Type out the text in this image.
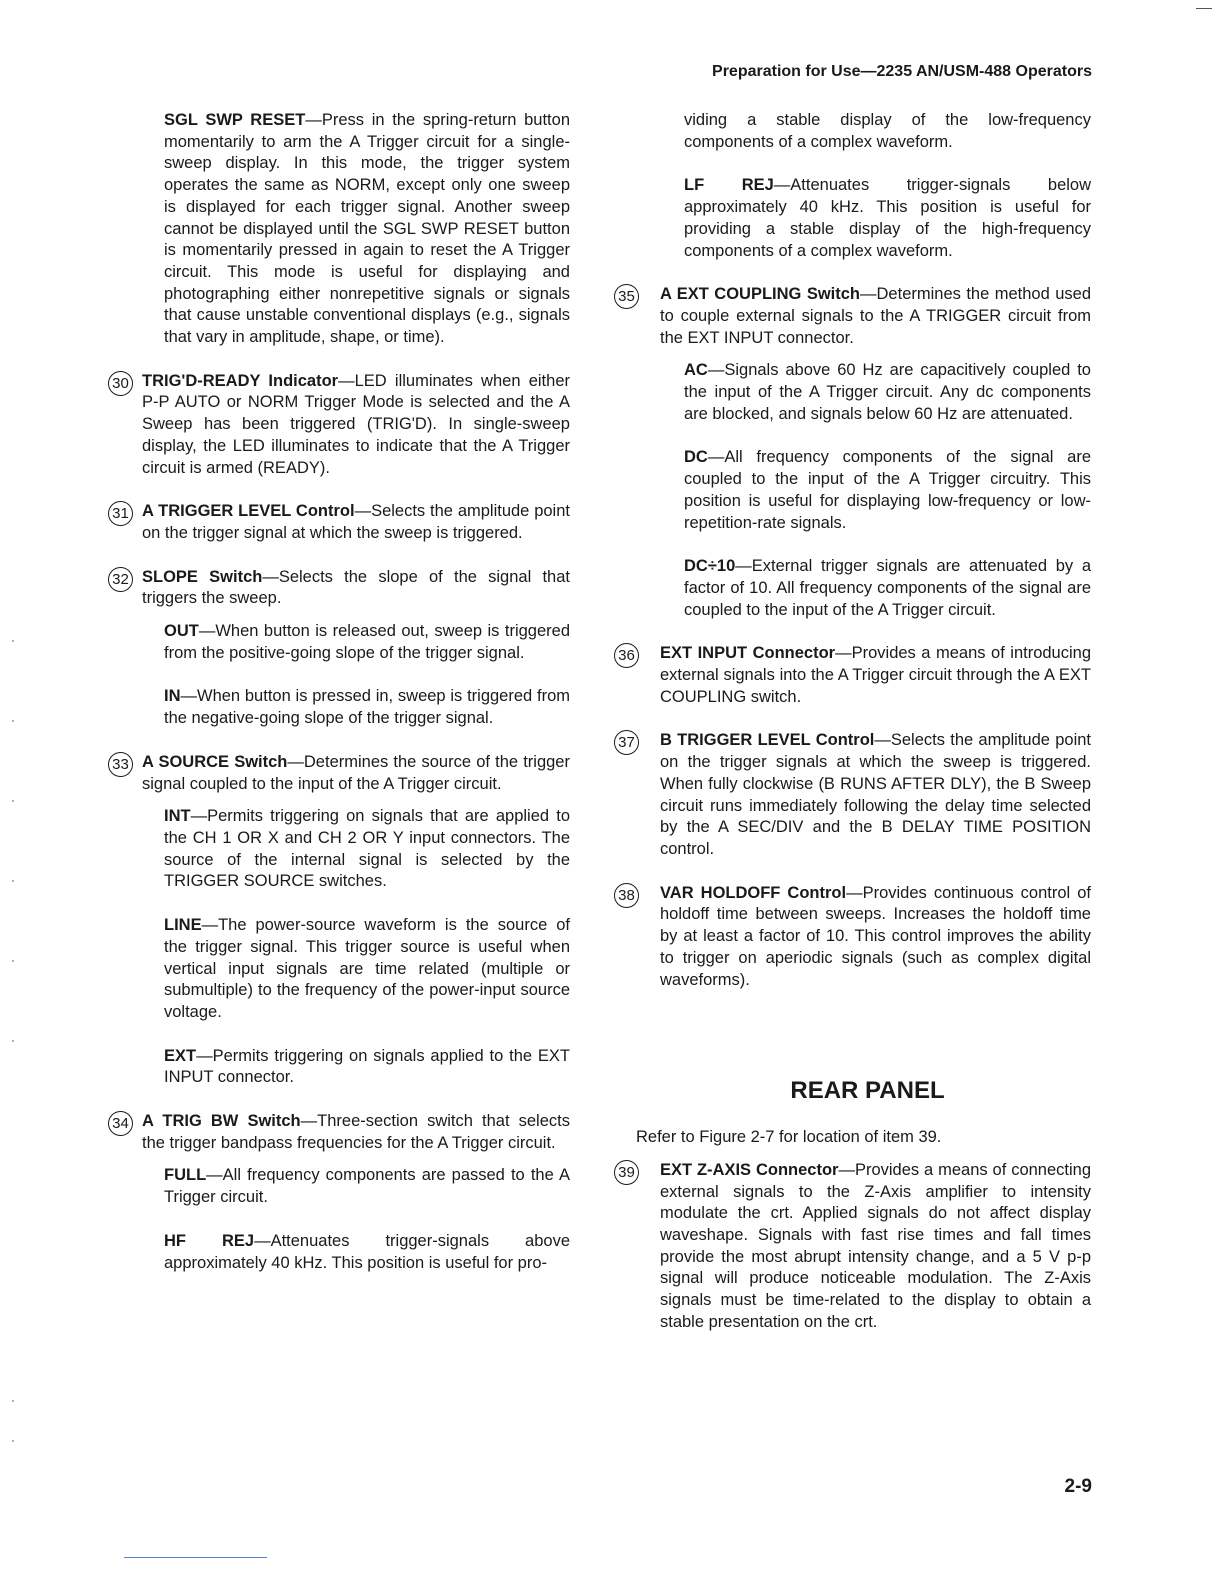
Preparation for Use—2235 AN/USM-488 Operators

SGL SWP RESET—Press in the spring-return button momentarily to arm the A Trigger circuit for a single-sweep display. In this mode, the trigger system operates the same as NORM, except only one sweep is displayed for each trigger signal. Another sweep cannot be displayed until the SGL SWP RESET button is momentarily pressed in again to reset the A Trigger circuit. This mode is useful for displaying and photographing either nonrepetitive signals or signals that cause unstable conventional displays (e.g., signals that vary in amplitude, shape, or time).

30 TRIG'D-READY Indicator—LED illuminates when either P-P AUTO or NORM Trigger Mode is selected and the A Sweep has been triggered (TRIG'D). In single-sweep display, the LED illuminates to indicate that the A Trigger circuit is armed (READY).

31 A TRIGGER LEVEL Control—Selects the amplitude point on the trigger signal at which the sweep is triggered.

32 SLOPE Switch—Selects the slope of the signal that triggers the sweep.

OUT—When button is released out, sweep is triggered from the positive-going slope of the trigger signal.

IN—When button is pressed in, sweep is triggered from the negative-going slope of the trigger signal.

33 A SOURCE Switch—Determines the source of the trigger signal coupled to the input of the A Trigger circuit.

INT—Permits triggering on signals that are applied to the CH 1 OR X and CH 2 OR Y input connectors. The source of the internal signal is selected by the TRIGGER SOURCE switches.

LINE—The power-source waveform is the source of the trigger signal. This trigger source is useful when vertical input signals are time related (multiple or submultiple) to the frequency of the power-input source voltage.

EXT—Permits triggering on signals applied to the EXT INPUT connector.

34 A TRIG BW Switch—Three-section switch that selects the trigger bandpass frequencies for the A Trigger circuit.

FULL—All frequency components are passed to the A Trigger circuit.

HF REJ—Attenuates trigger-signals above approximately 40 kHz. This position is useful for pro-

viding a stable display of the low-frequency components of a complex waveform.

LF REJ—Attenuates trigger-signals below approximately 40 kHz. This position is useful for providing a stable display of the high-frequency components of a complex waveform.

35 A EXT COUPLING Switch—Determines the method used to couple external signals to the A TRIGGER circuit from the EXT INPUT connector.

AC—Signals above 60 Hz are capacitively coupled to the input of the A Trigger circuit. Any dc components are blocked, and signals below 60 Hz are attenuated.

DC—All frequency components of the signal are coupled to the input of the A Trigger circuitry. This position is useful for displaying low-frequency or low-repetition-rate signals.

DC÷10—External trigger signals are attenuated by a factor of 10. All frequency components of the signal are coupled to the input of the A Trigger circuit.

36 EXT INPUT Connector—Provides a means of introducing external signals into the A Trigger circuit through the A EXT COUPLING switch.

37 B TRIGGER LEVEL Control—Selects the amplitude point on the trigger signals at which the sweep is triggered. When fully clockwise (B RUNS AFTER DLY), the B Sweep circuit runs immediately following the delay time selected by the A SEC/DIV and the B DELAY TIME POSITION control.

38 VAR HOLDOFF Control—Provides continuous control of holdoff time between sweeps. Increases the holdoff time by at least a factor of 10. This control improves the ability to trigger on aperiodic signals (such as complex digital waveforms).

REAR PANEL

Refer to Figure 2-7 for location of item 39.

39 EXT Z-AXIS Connector—Provides a means of connecting external signals to the Z-Axis amplifier to intensity modulate the crt. Applied signals do not affect display waveshape. Signals with fast rise times and fall times provide the most abrupt intensity change, and a 5 V p-p signal will produce noticeable modulation. The Z-Axis signals must be time-related to the display to obtain a stable presentation on the crt.

2-9
